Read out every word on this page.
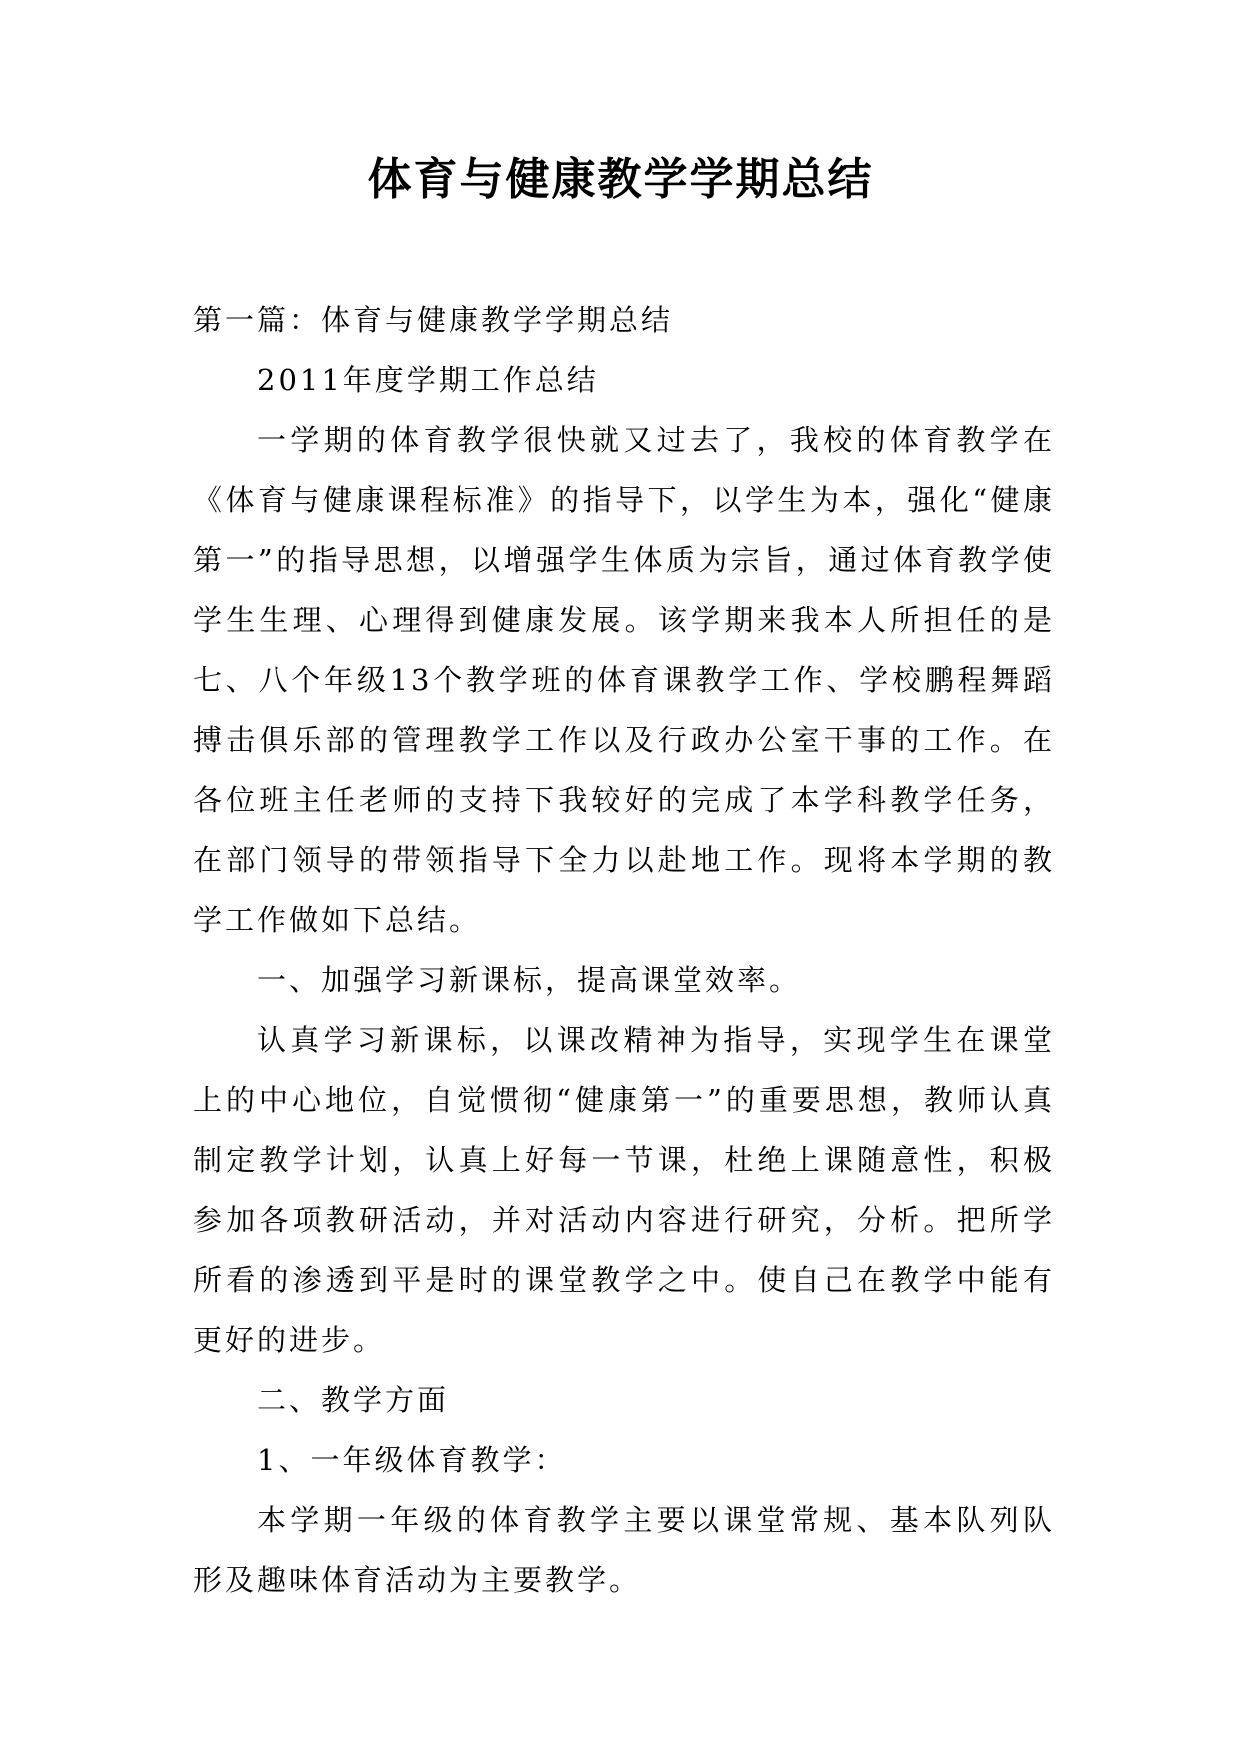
体育与健康教学学期总结

第一篇：体育与健康教学学期总结

2011年度学期工作总结

一学期的体育教学很快就又过去了，我校的体育教学在《体育与健康课程标准》的指导下，以学生为本，强化“健康第一”的指导思想，以增强学生体质为宗旨，通过体育教学使学生生理、心理得到健康发展。该学期来我本人所担任的是七、八个年级13个教学班的体育课教学工作、学校鹏程舞蹈搏击俱乐部的管理教学工作以及行政办公室干事的工作。在各位班主任老师的支持下我较好的完成了本学科教学任务，在部门领导的带领指导下全力以赴地工作。现将本学期的教学工作做如下总结。

一、加强学习新课标，提高课堂效率。

认真学习新课标，以课改精神为指导，实现学生在课堂上的中心地位，自觉惯彻“健康第一”的重要思想，教师认真制定教学计划，认真上好每一节课，杜绝上课随意性，积极参加各项教研活动，并对活动内容进行研究，分析。把所学所看的渗透到平是时的课堂教学之中。使自己在教学中能有更好的进步。

二、教学方面

1、一年级体育教学：

本学期一年级的体育教学主要以课堂常规、基本队列队形及趣味体育活动为主要教学。
